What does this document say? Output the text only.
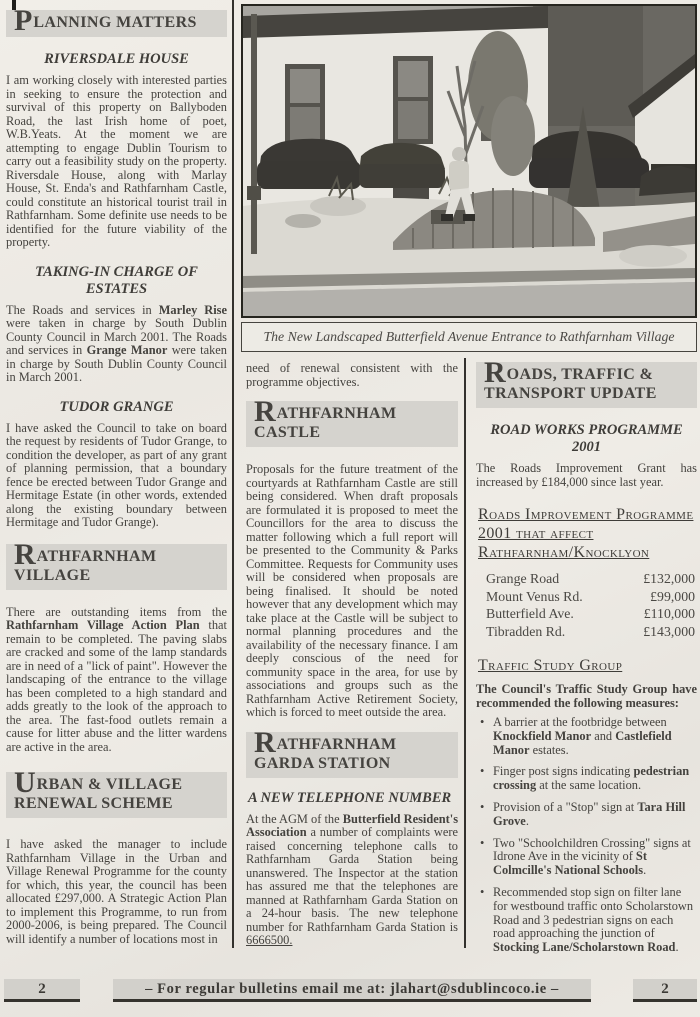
PLANNING MATTERS
RIVERSDALE HOUSE

I am working closely with interested parties in seeking to ensure the protection and survival of this property on Ballyboden Road, the last Irish home of poet, W.B.Yeats. At the moment we are attempting to engage Dublin Tourism to carry out a feasibility study on the property. Riversdale House, along with Marlay House, St. Enda's and Rathfarnham Castle, could constitute an historical tourist trail in Rathfarnham. Some definite use needs to be identified for the future viability of the property.

TAKING-IN CHARGE OF ESTATES

The Roads and services in Marley Rise were taken in charge by South Dublin County Council in March 2001. The Roads and services in Grange Manor were taken in charge by South Dublin County Council in March 2001.

TUDOR GRANGE

I have asked the Council to take on board the request by residents of Tudor Grange, to condition the developer, as part of any grant of planning permission, that a boundary fence be erected between Tudor Grange and Hermitage Estate (in other words, extended along the existing boundary between Hermitage and Tudor Grange).

RATHFARNHAM VILLAGE

There are outstanding items from the Rathfarnham Village Action Plan that remain to be completed. The paving slabs are cracked and some of the lamp standards are in need of a "lick of paint". However the landscaping of the entrance to the village has been completed to a high standard and adds greatly to the look of the approach to the area. The fast-food outlets remain a cause for litter abuse and the litter wardens are active in the area.

URBAN & VILLAGE RENEWAL SCHEME

I have asked the manager to include Rathfarnham Village in the Urban and Village Renewal Programme for the county for which, this year, the council has been allocated £297,000. A Strategic Action Plan to implement this Programme, to run from 2000-2006, is being prepared. The Council will identify a number of locations most in

The New Landscaped Butterfield Avenue Entrance to Rathfarnham Village

need of renewal consistent with the programme objectives.

RATHFARNHAM CASTLE

Proposals for the future treatment of the courtyards at Rathfarnham Castle are still being considered. When draft proposals are formulated it is proposed to meet the Councillors for the area to discuss the matter following which a full report will be presented to the Community & Parks Committee. Requests for Community uses will be considered when proposals are being finalised. It should be noted however that any development which may take place at the Castle will be subject to normal planning procedures and the availability of the necessary finance. I am deeply conscious of the need for community space in the area, for use by associations and groups such as the Rathfarnham Active Retirement Society, which is forced to meet outside the area.

RATHFARNHAM GARDA STATION
A NEW TELEPHONE NUMBER

At the AGM of the Butterfield Resident's Association a number of complaints were raised concerning telephone calls to Rathfarnham Garda Station being unanswered. The Inspector at the station has assured me that the telephones are manned at Rathfarnham Garda Station on a 24-hour basis. The new telephone number for Rathfarnham Garda Station is 6666500.

ROADS, TRAFFIC & TRANSPORT UPDATE
ROAD WORKS PROGRAMME 2001

The Roads Improvement Grant has increased by £184,000 since last year.

Roads Improvement Programme 2001 that affect Rathfarnham/Knocklyon
Grange Road	£132,000
Mount Venus Rd.	£99,000
Butterfield Ave.	£110,000
Tibradden Rd.	£143,000
Traffic Study Group

The Council's Traffic Study Group have recommended the following measures:

• A barrier at the footbridge between Knockfield Manor and Castlefield Manor estates.
• Finger post signs indicating pedestrian crossing at the same location.
• Provision of a "Stop" sign at Tara Hill Grove.
• Two "Schoolchildren Crossing" signs at Idrone Ave in the vicinity of St Colmcille's National Schools.
• Recommended stop sign on filter lane for westbound traffic onto Scholarstown Road and 3 pedestrian signs on each road approaching the junction of Stocking Lane/Scholarstown Road.
2	– For regular bulletins email me at: jlahart@sdublincoco.ie –	2
